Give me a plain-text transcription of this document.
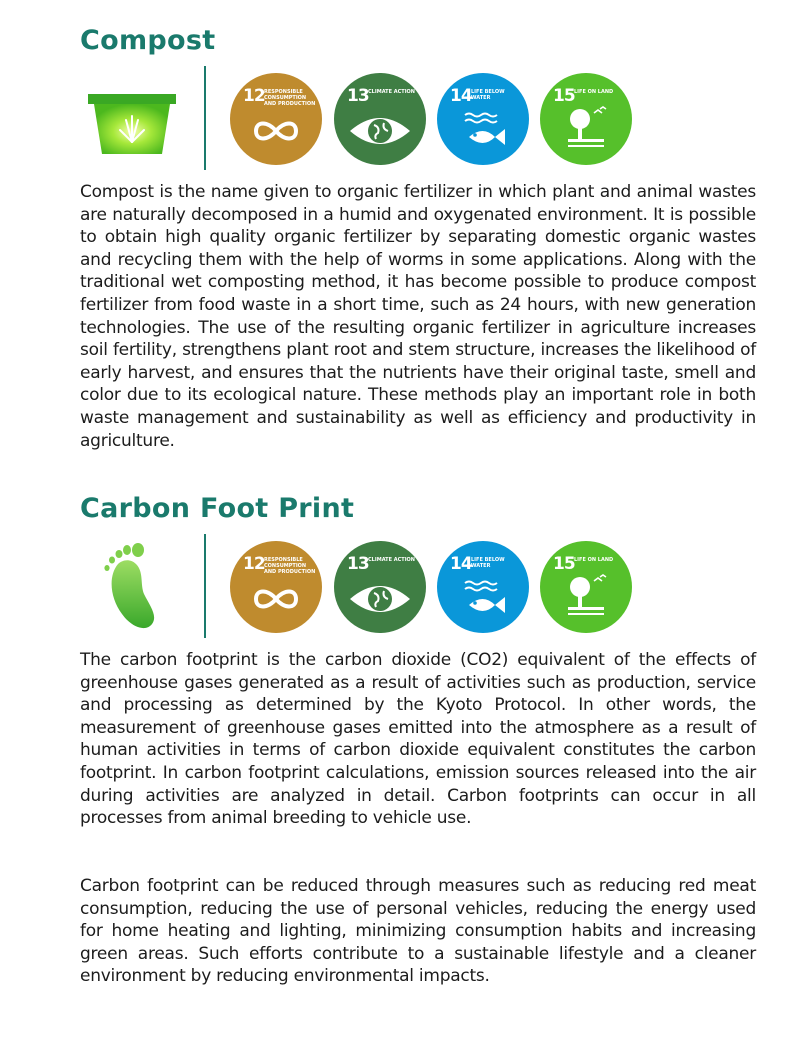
Compost
12 RESPONSIBLE CONSUMPTION AND PRODUCTION 13 CLIMATE ACTION 14 LIFE BELOW WATER	15 LIFE ON LAND

Compost is the name given to organic fertilizer in which plant and animal wastes are naturally decomposed in a humid and oxygenated environment. It is possible to obtain high quality organic fertilizer by separating domestic organic wastes and recycling them with the help of worms in some applications. Along with the traditional wet composting method, it has become possible to produce compost fertilizer from food waste in a short time, such as 24 hours, with new generation technologies. The use of the resulting organic fertilizer in agriculture increases soil fertility, strengthens plant root and stem structure, increases the likelihood of early harvest, and ensures that the nutrients have their original taste, smell and color due to its ecological nature. These methods play an important role in both waste management and sustainability as well as efficiency and productivity in agriculture.

Carbon Foot Print
12 RESPONSIBLE CONSUMPTION AND PRODUCTION 13 CLIMATE ACTION 14 LIFE BELOW WATER	15 LIFE ON LAND

The carbon footprint is the carbon dioxide (CO2) equivalent of the effects of greenhouse gases generated as a result of activities such as production, service and processing as determined by the Kyoto Protocol. In other words, the measurement of greenhouse gases emitted into the atmosphere as a result of human activities in terms of carbon dioxide equivalent constitutes the carbon footprint. In carbon footprint calculations, emission sources released into the air during activities are analyzed in detail. Carbon footprints can occur in all processes from animal breeding to vehicle use.

Carbon footprint can be reduced through measures such as reducing red meat consumption, reducing the use of personal vehicles, reducing the energy used for home heating and lighting, minimizing consumption habits and increasing green areas. Such efforts contribute to a sustainable lifestyle and a cleaner environment by reducing environmental impacts.
